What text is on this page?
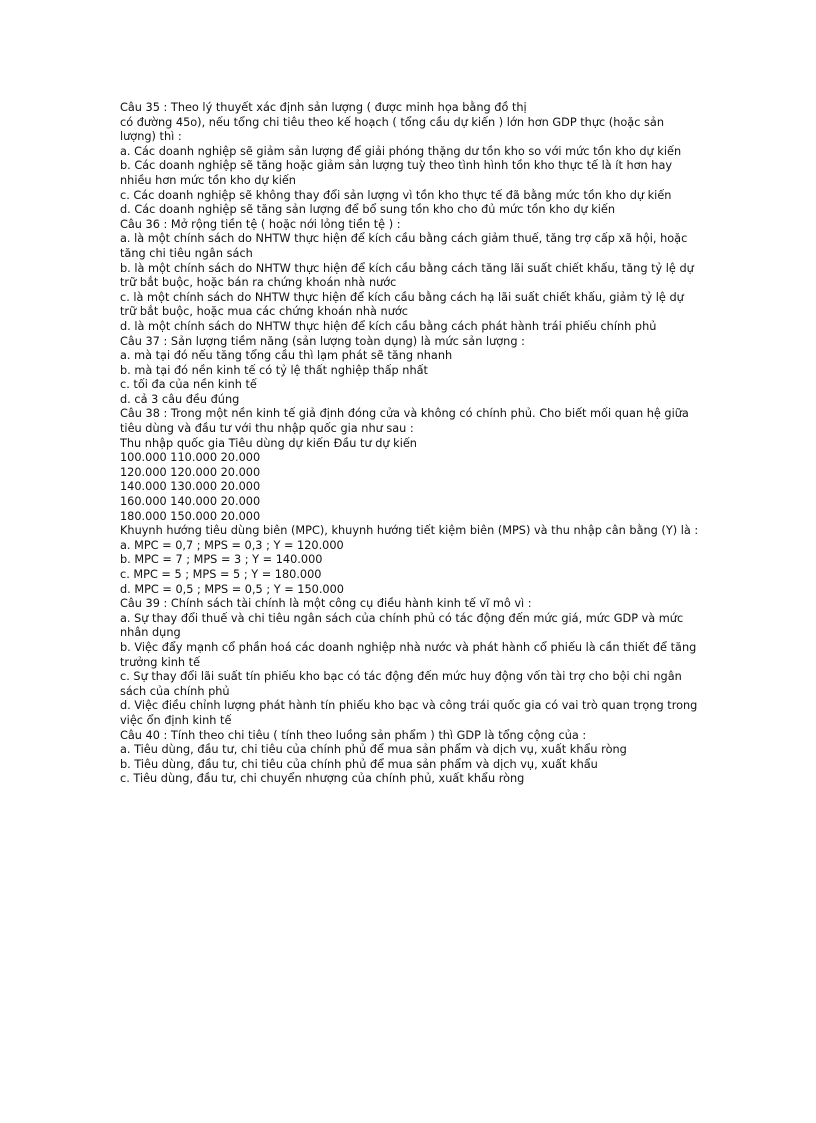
Câu 35 : Theo lý thuyết xác định sản lượng ( được minh họa bằng đồ thị
có đường 45o), nếu tổng chi tiêu theo kế hoạch ( tổng cầu dự kiến ) lớn hơn GDP thực (hoặc sản lượng) thì :
a. Các doanh nghiệp sẽ giảm sản lượng để giải phóng thặng dư tồn kho so với mức tồn kho dự kiến
b. Các doanh nghiệp sẽ tăng hoặc giảm sản lượng tuỳ theo tình hình tồn kho thực tế là ít hơn hay nhiều hơn mức tồn kho dự kiến
c. Các doanh nghiệp sẽ không thay đổi sản lượng vì tồn kho thực tế đã bằng mức tồn kho dự kiến
d. Các doanh nghiệp sẽ tăng sản lượng để bổ sung tồn kho cho đủ mức tồn kho dự kiến
Câu 36 : Mở rộng tiền tệ ( hoặc nới lỏng tiền tệ ) :
a. là một chính sách do NHTW thực hiện để kích cầu bằng cách giảm thuế, tăng trợ cấp xã hội, hoặc tăng chi tiêu ngân sách
b. là một chính sách do NHTW thực hiện để kích cầu bằng cách tăng lãi suất chiết khấu, tăng tỷ lệ dự trữ bắt buộc, hoặc bán ra chứng khoán nhà nước
c. là một chính sách do NHTW thực hiện để kích cầu bằng cách hạ lãi suất chiết khấu, giảm tỷ lệ dự trữ bắt buộc, hoặc mua các chứng khoán nhà nước
d. là một chính sách do NHTW thực hiện để kích cầu bằng cách phát hành trái phiếu chính phủ
Câu 37 : Sản lượng tiềm năng (sản lượng toàn dụng) là mức sản lượng :
a. mà tại đó nếu tăng tổng cầu thì lạm phát sẽ tăng nhanh
b. mà tại đó nền kinh tế có tỷ lệ thất nghiệp thấp nhất
c. tối đa của nền kinh tế
d. cả 3 câu đều đúng
Câu 38 : Trong một nền kinh tế giả định đóng cửa và không có chính phủ. Cho biết mối quan hệ giữa tiêu dùng và đầu tư với thu nhập quốc gia như sau :
Thu nhập quốc gia Tiêu dùng dự kiến Đầu tư dự kiến
100.000 110.000 20.000
120.000 120.000 20.000
140.000 130.000 20.000
160.000 140.000 20.000
180.000 150.000 20.000
Khuynh hướng tiêu dùng biên (MPC), khuynh hướng tiết kiệm biên (MPS) và thu nhập cân bằng (Y) là :
a. MPC = 0,7 ; MPS = 0,3 ; Y = 120.000
b. MPC = 7 ; MPS = 3 ; Y = 140.000
c. MPC = 5 ; MPS = 5 ; Y = 180.000
d. MPC = 0,5 ; MPS = 0,5 ; Y = 150.000
Câu 39 : Chính sách tài chính là một công cụ điều hành kinh tế vĩ mô vì :
a. Sự thay đổi thuế và chi tiêu ngân sách của chính phủ có tác động đến mức giá, mức GDP và mức nhân dụng
b. Việc đẩy mạnh cổ phần hoá các doanh nghiệp nhà nước và phát hành cổ phiếu là cần thiết để tăng trưởng kinh tế
c. Sự thay đổi lãi suất tín phiếu kho bạc có tác động đến mức huy động vốn tài trợ cho bội chi ngân sách của chính phủ
d. Việc điều chỉnh lượng phát hành tín phiếu kho bạc và công trái quốc gia có vai trò quan trọng trong việc ổn định kinh tế
Câu 40 : Tính theo chi tiêu ( tính theo luồng sản phẩm ) thì GDP là tổng cộng của :
a. Tiêu dùng, đầu tư, chi tiêu của chính phủ để mua sản phẩm và dịch vụ, xuất khẩu ròng
b. Tiêu dùng, đầu tư, chi tiêu của chính phủ để mua sản phẩm và dịch vụ, xuất khẩu
c. Tiêu dùng, đầu tư, chi chuyển nhượng của chính phủ, xuất khẩu ròng
